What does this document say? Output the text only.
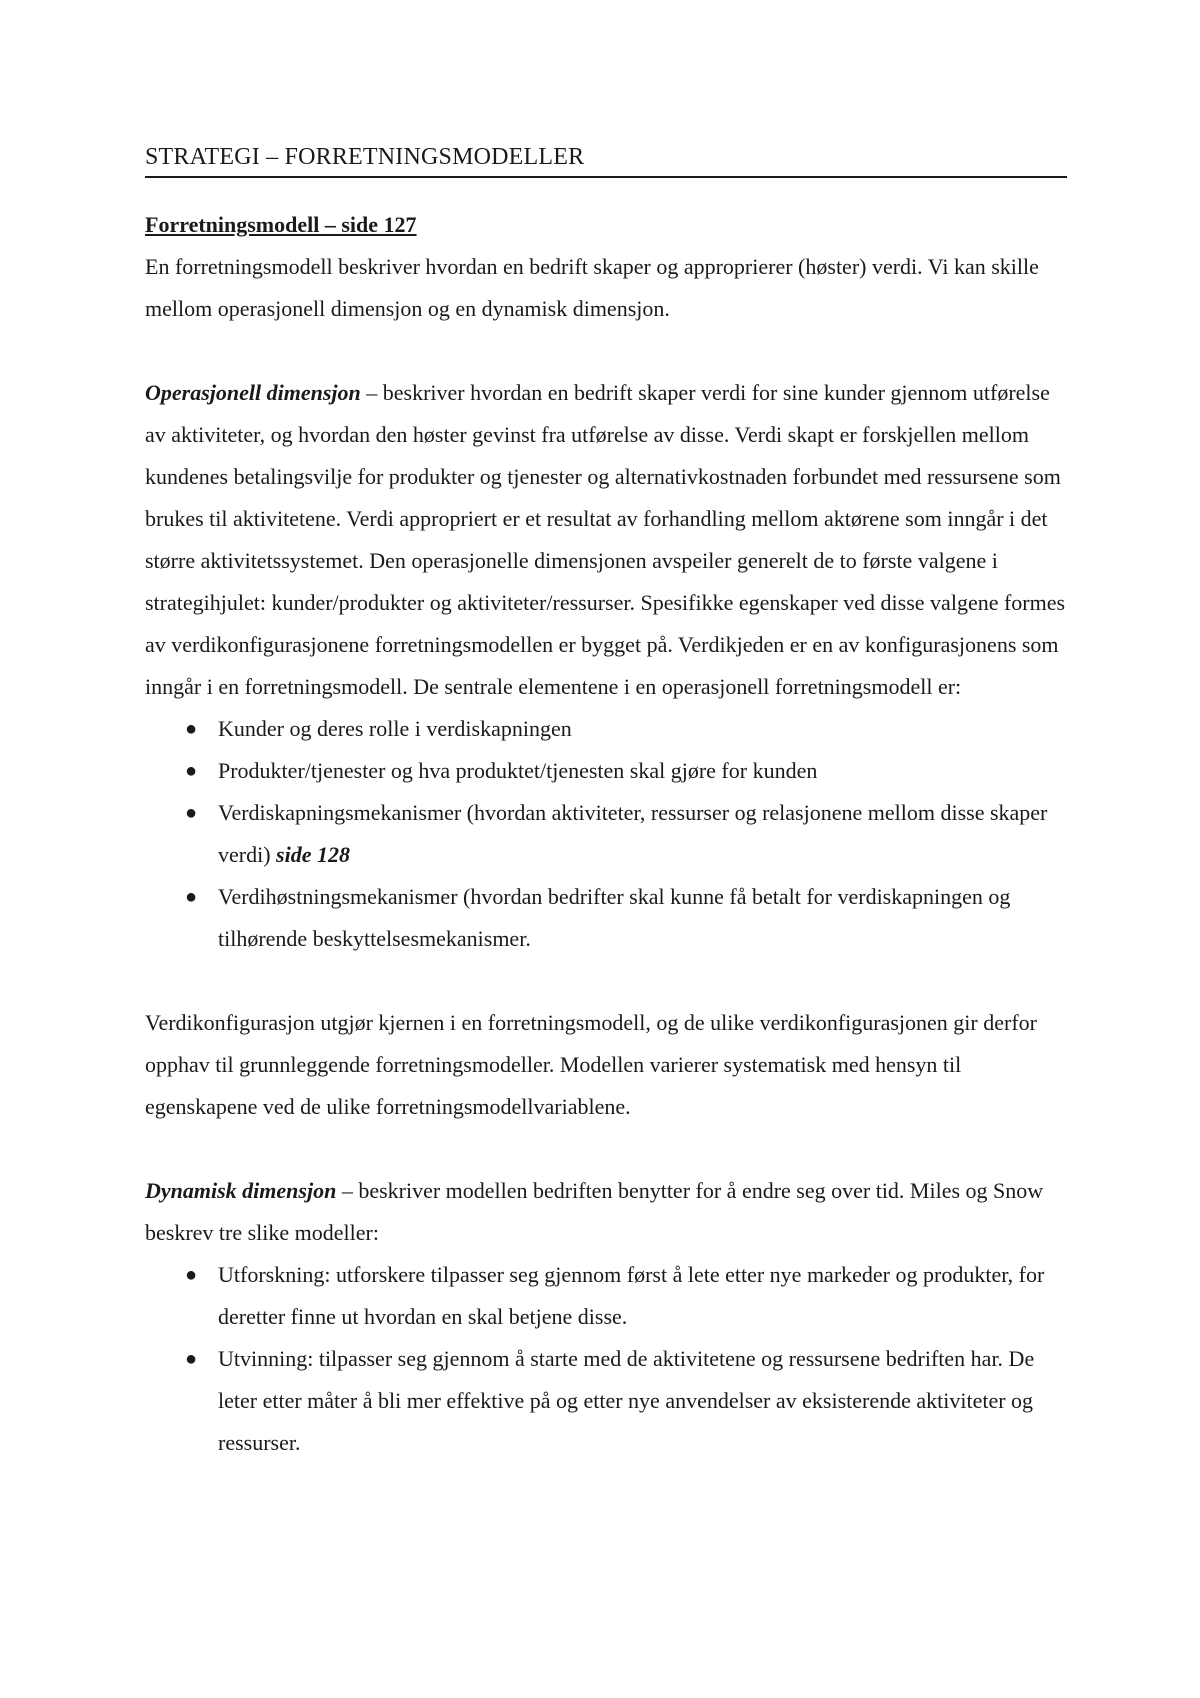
STRATEGI – FORRETNINGSMODELLER
Forretningsmodell – side 127

En forretningsmodell beskriver hvordan en bedrift skaper og approprierer (høster) verdi. Vi kan skille mellom operasjonell dimensjon og en dynamisk dimensjon.

Operasjonell dimensjon – beskriver hvordan en bedrift skaper verdi for sine kunder gjennom utførelse av aktiviteter, og hvordan den høster gevinst fra utførelse av disse. Verdi skapt er forskjellen mellom kundenes betalingsvilje for produkter og tjenester og alternativkostnaden forbundet med ressursene som brukes til aktivitetene. Verdi appropriert er et resultat av forhandling mellom aktørene som inngår i det større aktivitetssystemet. Den operasjonelle dimensjonen avspeiler generelt de to første valgene i strategihjulet: kunder/produkter og aktiviteter/ressurser. Spesifikke egenskaper ved disse valgene formes av verdikonfigurasjonene forretningsmodellen er bygget på. Verdikjeden er en av konfigurasjonens som inngår i en forretningsmodell. De sentrale elementene i en operasjonell forretningsmodell er:

● Kunder og deres rolle i verdiskapningen
● Produkter/tjenester og hva produktet/tjenesten skal gjøre for kunden
● Verdiskapningsmekanismer (hvordan aktiviteter, ressurser og relasjonene mellom disse skaper verdi) side 128
● Verdihøstningsmekanismer (hvordan bedrifter skal kunne få betalt for verdiskapningen og tilhørende beskyttelsesmekanismer.

Verdikonfigurasjon utgjør kjernen i en forretningsmodell, og de ulike verdikonfigurasjonen gir derfor opphav til grunnleggende forretningsmodeller. Modellen varierer systematisk med hensyn til egenskapene ved de ulike forretningsmodellvariablene.

Dynamisk dimensjon – beskriver modellen bedriften benytter for å endre seg over tid. Miles og Snow beskrev tre slike modeller:

● Utforskning: utforskere tilpasser seg gjennom først å lete etter nye markeder og produkter, for deretter finne ut hvordan en skal betjene disse.
● Utvinning: tilpasser seg gjennom å starte med de aktivitetene og ressursene bedriften har. De leter etter måter å bli mer effektive på og etter nye anvendelser av eksisterende aktiviteter og ressurser.
